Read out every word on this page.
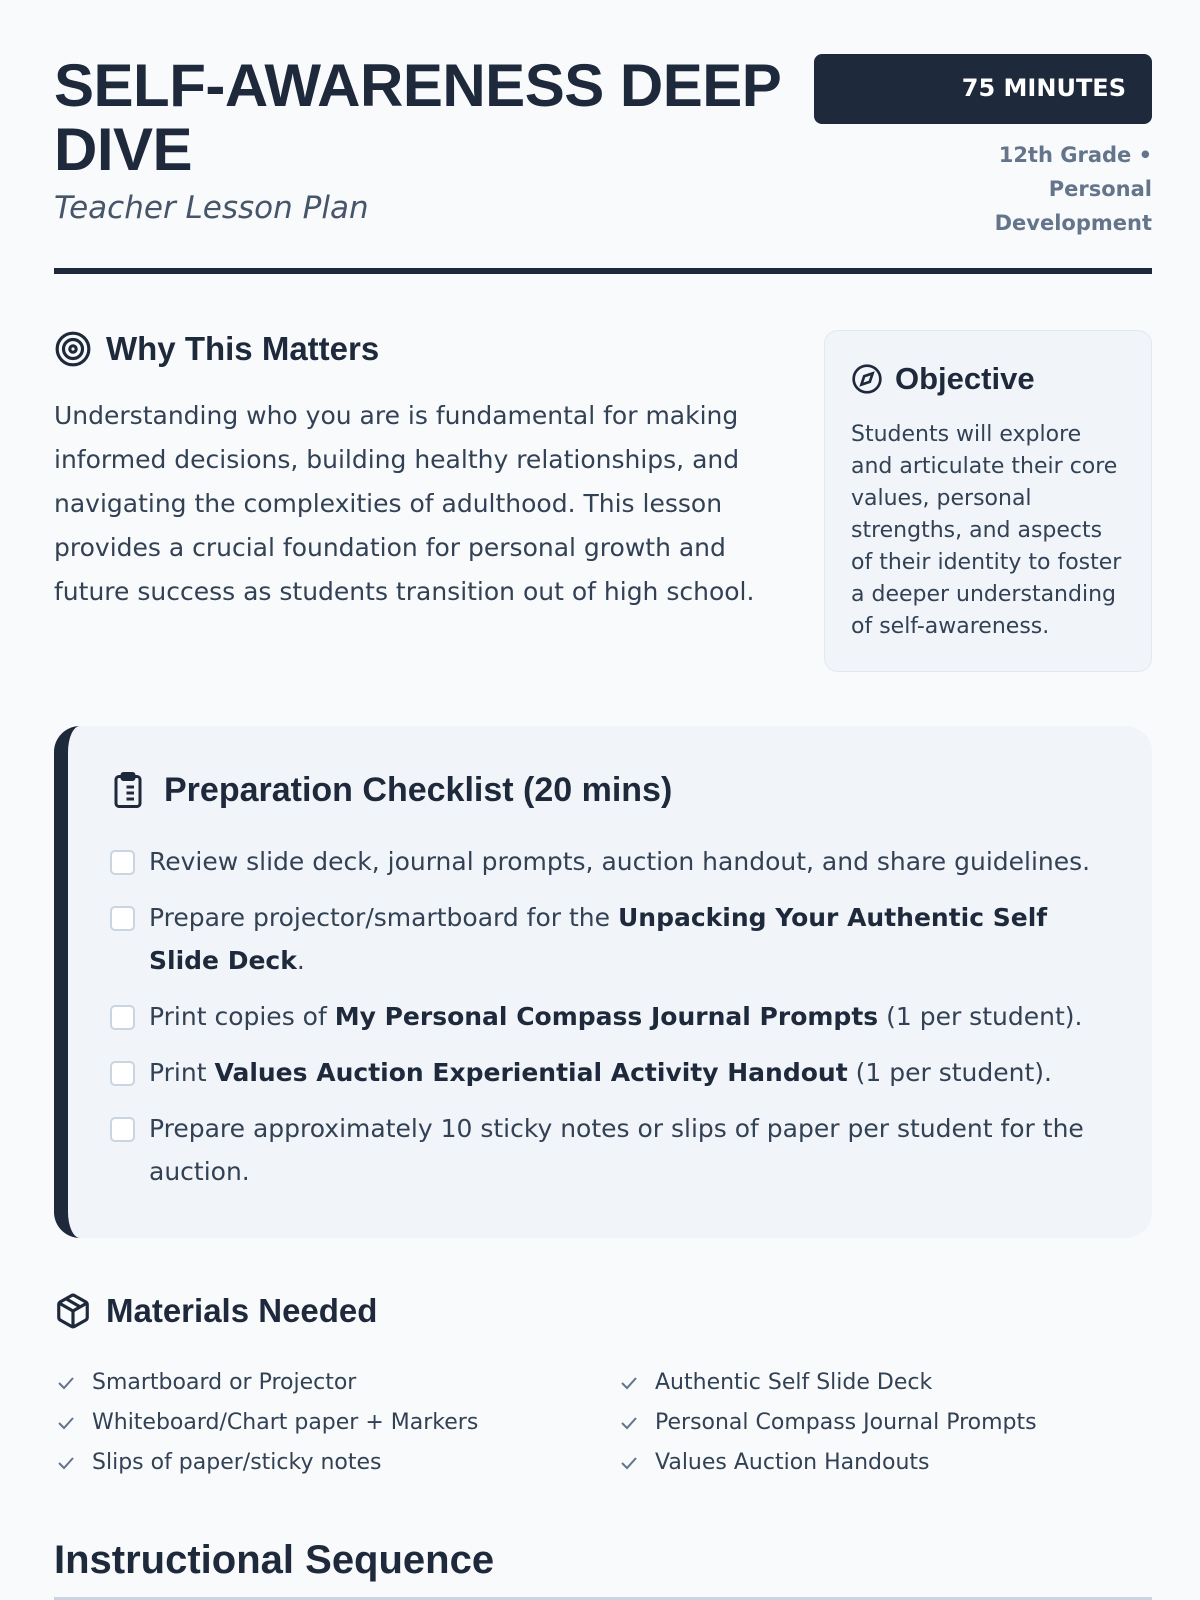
SELF-AWARENESS DEEP DIVE
Teacher Lesson Plan
75 MINUTES
12th Grade • Personal Development
Why This Matters

Understanding who you are is fundamental for making informed decisions, building healthy relationships, and navigating the complexities of adulthood. This lesson provides a crucial foundation for personal growth and future success as students transition out of high school.

Objective

Students will explore and articulate their core values, personal strengths, and aspects of their identity to foster a deeper understanding of self-awareness.

Preparation Checklist (20 mins)
Review slide deck, journal prompts, auction handout, and share guidelines.
Prepare projector/smartboard for the Unpacking Your Authentic Self Slide Deck.
Print copies of My Personal Compass Journal Prompts (1 per student).
Print Values Auction Experiential Activity Handout (1 per student).
Prepare approximately 10 sticky notes or slips of paper per student for the auction.
Materials Needed
Smartboard or Projector	Authentic Self Slide Deck
Whiteboard/Chart paper + Markers	Personal Compass Journal Prompts
Slips of paper/sticky notes	Values Auction Handouts
Instructional Sequence
